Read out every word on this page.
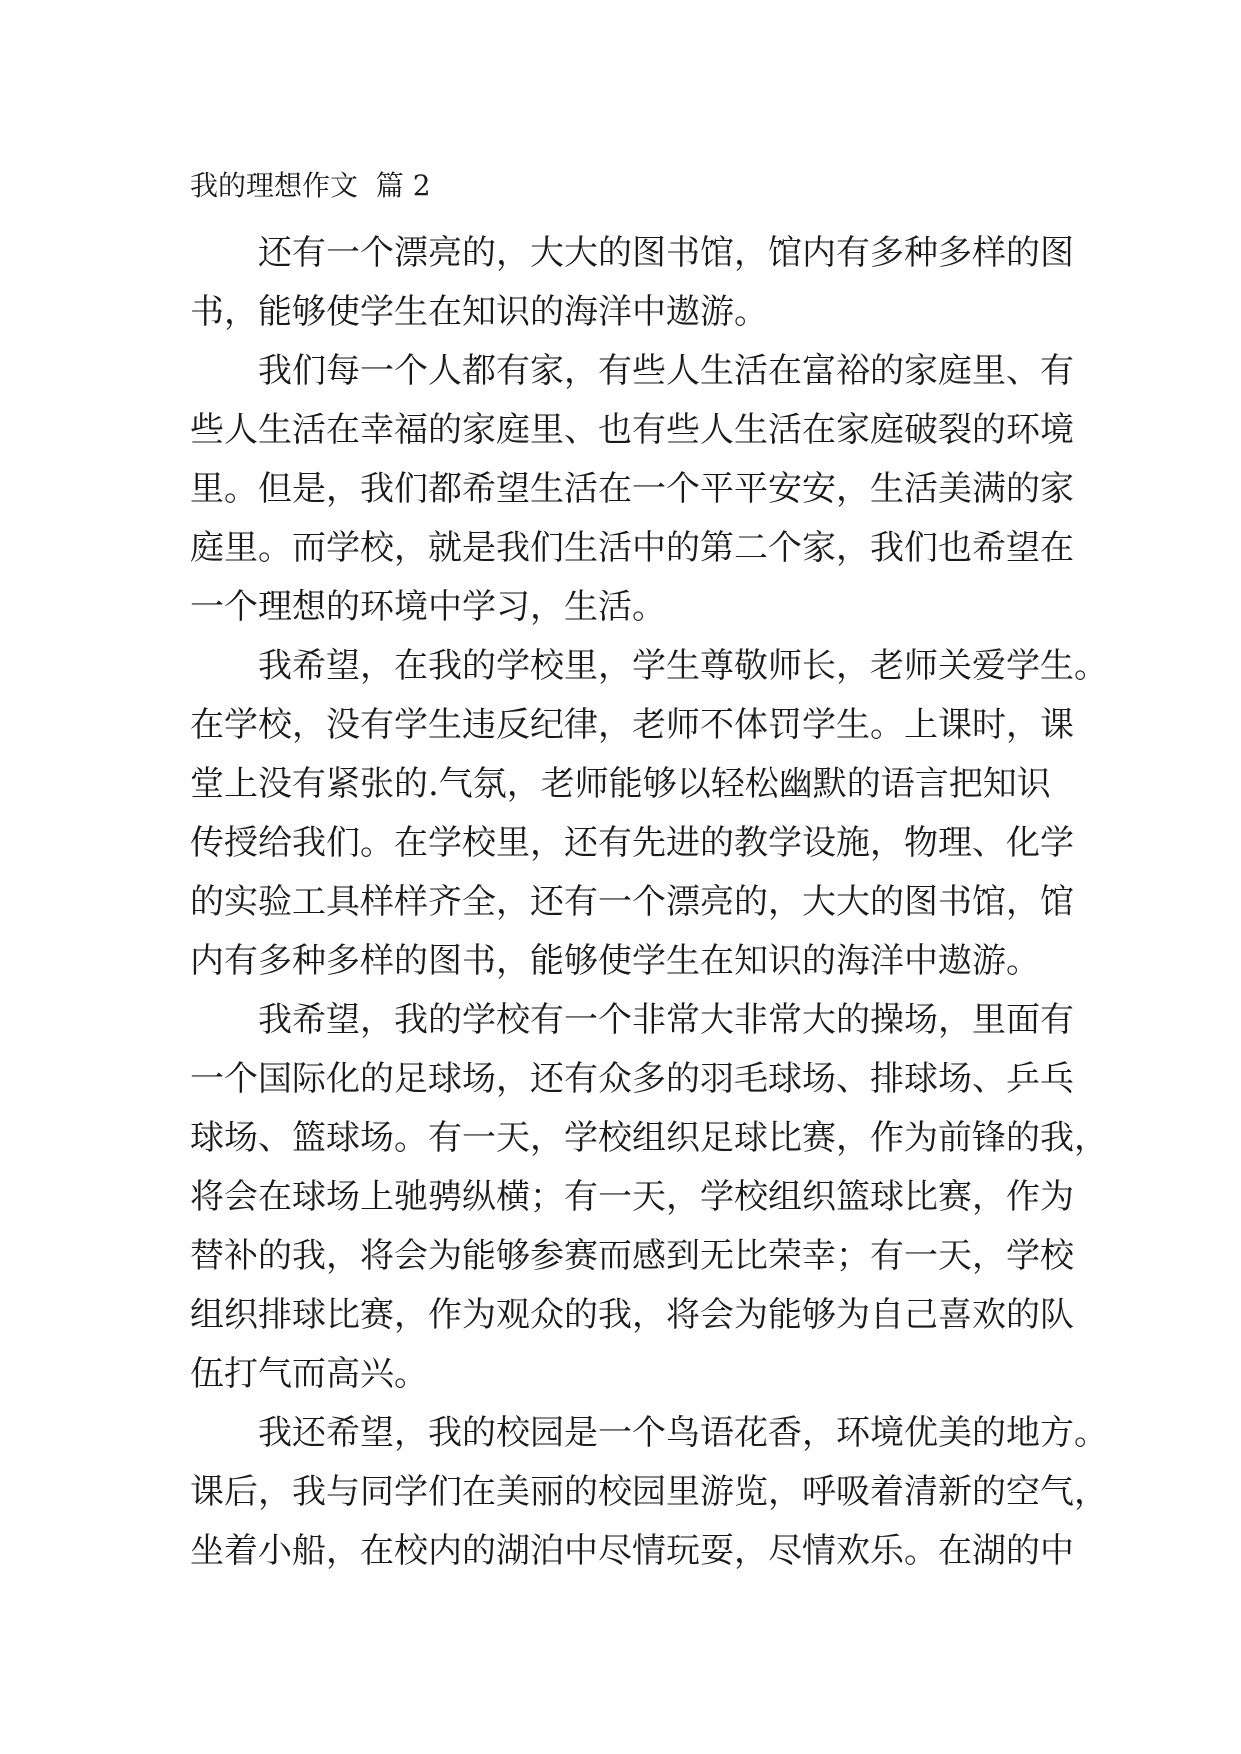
我的理想作文  篇 2
还有一个漂亮的，大大的图书馆，馆内有多种多样的图
书，能够使学生在知识的海洋中遨游。
我们每一个人都有家，有些人生活在富裕的家庭里、有
些人生活在幸福的家庭里、也有些人生活在家庭破裂的环境
里。但是，我们都希望生活在一个平平安安，生活美满的家
庭里。而学校，就是我们生活中的第二个家，我们也希望在
一个理想的环境中学习，生活。
我希望，在我的学校里，学生尊敬师长，老师关爱学生。
在学校，没有学生违反纪律，老师不体罚学生。上课时，课
堂上没有紧张的.气氛，老师能够以轻松幽默的语言把知识
传授给我们。在学校里，还有先进的教学设施，物理、化学
的实验工具样样齐全，还有一个漂亮的，大大的图书馆，馆
内有多种多样的图书，能够使学生在知识的海洋中遨游。
我希望，我的学校有一个非常大非常大的操场，里面有
一个国际化的足球场，还有众多的羽毛球场、排球场、乒乓
球场、篮球场。有一天，学校组织足球比赛，作为前锋的我，
将会在球场上驰骋纵横；有一天，学校组织篮球比赛，作为
替补的我，将会为能够参赛而感到无比荣幸；有一天，学校
组织排球比赛，作为观众的我，将会为能够为自己喜欢的队
伍打气而高兴。
我还希望，我的校园是一个鸟语花香，环境优美的地方。
课后，我与同学们在美丽的校园里游览，呼吸着清新的空气，
坐着小船，在校内的湖泊中尽情玩耍，尽情欢乐。在湖的中
